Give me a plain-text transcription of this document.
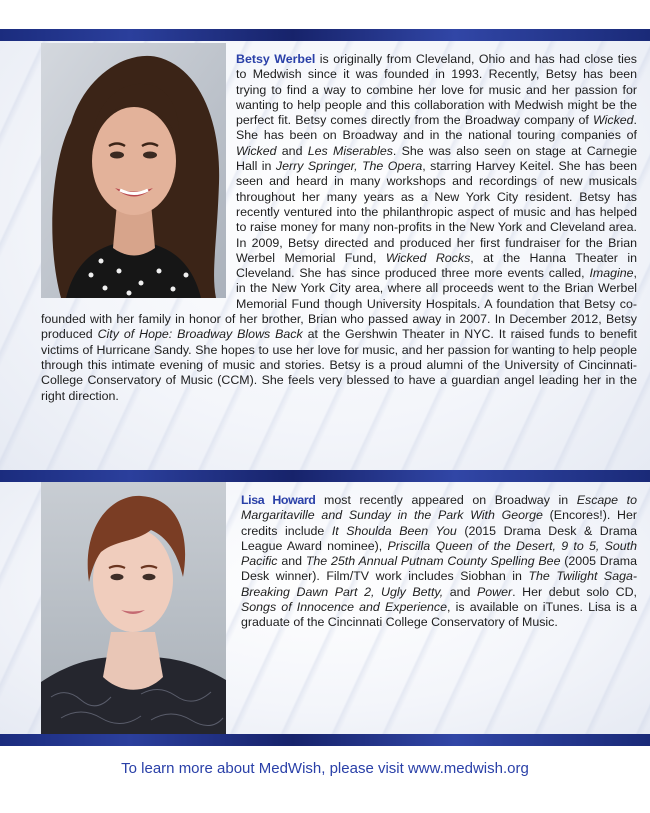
Betsy Werbel is originally from Cleveland, Ohio and has had close ties to Medwish since it was founded in 1993. Recently, Betsy has been trying to find a way to combine her love for music and her passion for wanting to help people and this collaboration with Medwish might be the perfect fit. Betsy comes directly from the Broadway company of Wicked. She has been on Broadway and in the national touring companies of Wicked and Les Miserables. She was also seen on stage at Carnegie Hall in Jerry Springer, The Opera, starring Harvey Keitel. She has been seen and heard in many workshops and recordings of new musicals throughout her many years as a New York City resident. Betsy has recently ventured into the philanthropic aspect of music and has helped to raise money for many non-profits in the New York and Cleveland area. In 2009, Betsy directed and produced her first fundraiser for the Brian Werbel Memorial Fund, Wicked Rocks, at the Hanna Theater in Cleveland. She has since produced three more events called, Imagine, in the New York City area, where all proceeds went to the Brian Werbel Memorial Fund though University Hospitals. A foundation that Betsy co-founded with her family in honor of her brother, Brian who passed away in 2007. In December 2012, Betsy produced City of Hope: Broadway Blows Back at the Gershwin Theater in NYC. It raised funds to benefit victims of Hurricane Sandy. She hopes to use her love for music, and her passion for wanting to help people through this intimate evening of music and stories. Betsy is a proud alumni of the University of Cincinnati-College Conservatory of Music (CCM). She feels very blessed to have a guardian angel leading her in the right direction.

Lisa Howard most recently appeared on Broadway in Escape to Margaritaville and Sunday in the Park With George (Encores!). Her credits include It Shoulda Been You (2015 Drama Desk & Drama League Award nominee), Priscilla Queen of the Desert, 9 to 5, South Pacific and The 25th Annual Putnam County Spelling Bee (2005 Drama Desk winner). Film/TV work includes Siobhan in The Twilight Saga-Breaking Dawn Part 2, Ugly Betty, and Power. Her debut solo CD, Songs of Innocence and Experience, is available on iTunes. Lisa is a graduate of the Cincinnati College Conservatory of Music.

To learn more about MedWish, please visit www.medwish.org
